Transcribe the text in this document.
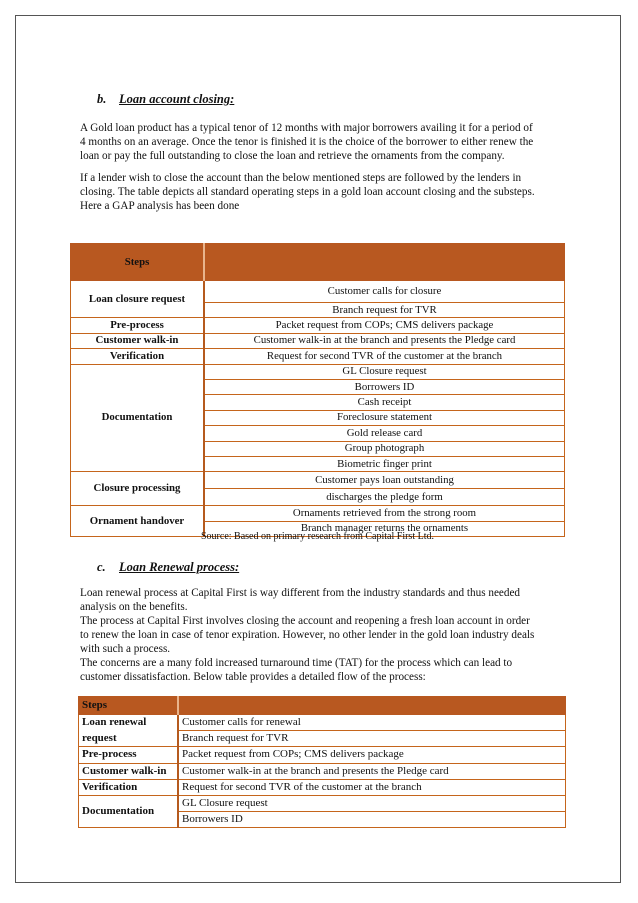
b. Loan account closing:

A Gold loan product has a typical tenor of 12 months with major borrowers availing it for a period of
4 months on an average. Once the tenor is finished it is the choice of the borrower to either renew the
loan or pay the full outstanding to close the loan and retrieve the ornaments from the company.

If a lender wish to close the account than the below mentioned steps are followed by the lenders in
closing. The table depicts all standard operating steps in a gold loan account closing and the substeps.
Here a GAP analysis has been done

Steps	
Loan closure request	Customer calls for closure
	Branch request for TVR
Pre-process	Packet request from COPs; CMS delivers package
Customer walk-in	Customer walk-in at the branch and presents the Pledge card
Verification	Request for second TVR of the customer at the branch
Documentation	GL Closure request
	Borrowers ID
	Cash receipt
	Foreclosure statement
	Gold release card
	Group photograph
	Biometric finger print
Closure processing	Customer pays loan outstanding
	discharges the pledge form
Ornament handover	Ornaments retrieved from the strong room
	Branch manager returns the ornaments
Source: Based on primary research from Capital First Ltd.
c. Loan Renewal process:

Loan renewal process at Capital First is way different from the industry standards and thus needed
analysis on the benefits.
The process at Capital First involves closing the account and reopening a fresh loan account in order
to renew the loan in case of tenor expiration. However, no other lender in the gold loan industry deals
with such a process.
The concerns are a many fold increased turnaround time (TAT) for the process which can lead to
customer dissatisfaction. Below table provides a detailed flow of the process:

Steps	
Loan renewal	Customer calls for renewal
request	Branch request for TVR
Pre-process	Packet request from COPs; CMS delivers package
Customer walk-in	Customer walk-in at the branch and presents the Pledge card
Verification	Request for second TVR of the customer at the branch
Documentation	GL Closure request
	Borrowers ID
